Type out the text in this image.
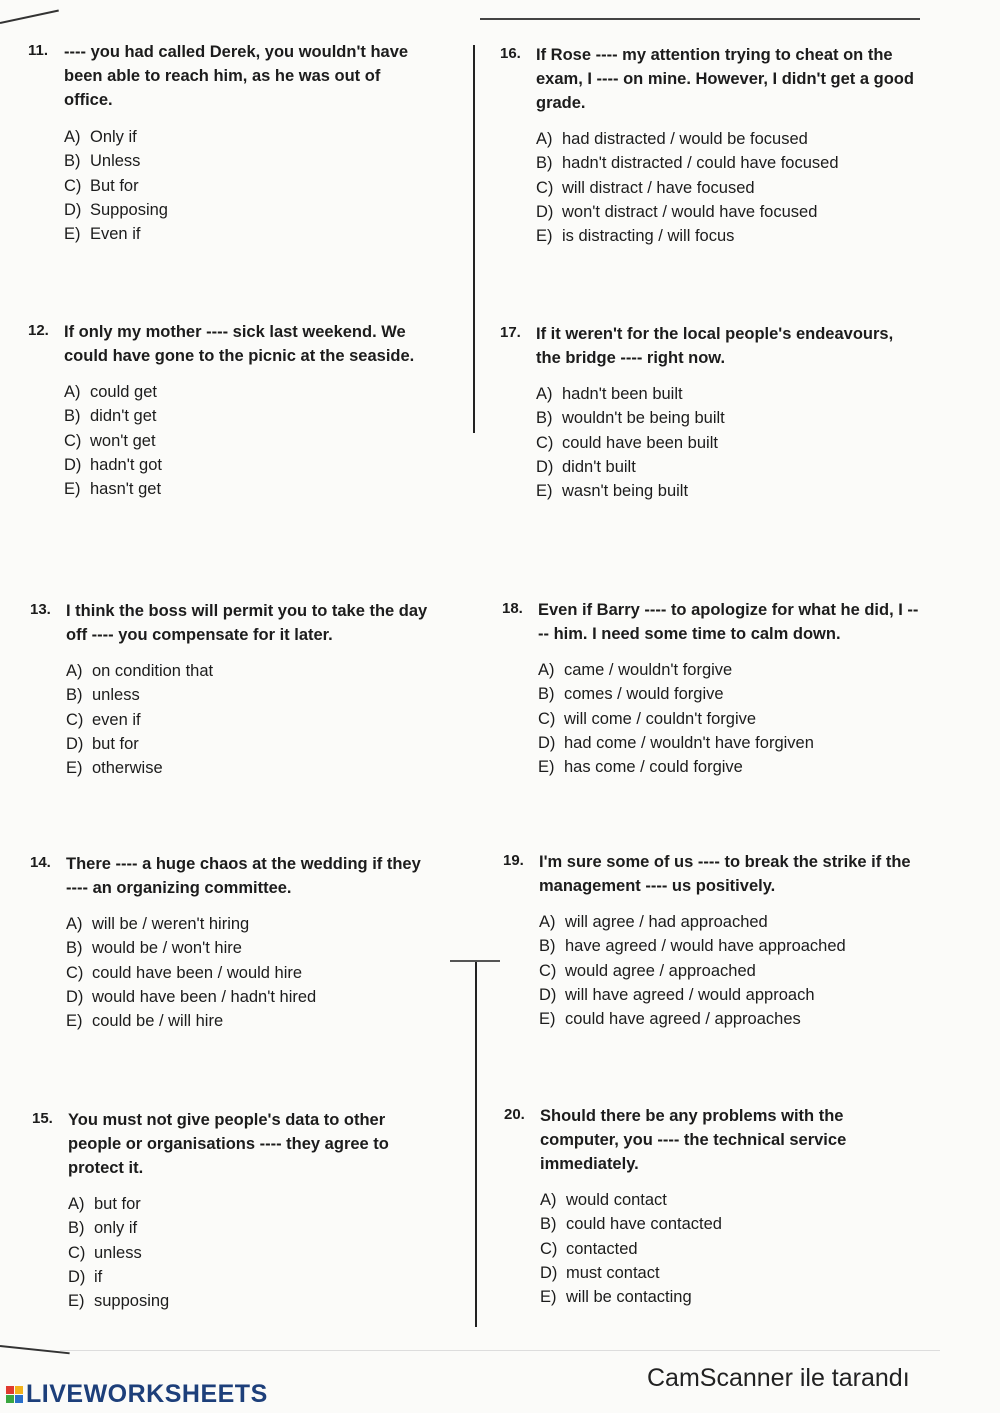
11. ---- you had called Derek, you wouldn't have been able to reach him, as he was out of office.
A) Only if
B) Unless
C) But for
D) Supposing
E) Even if
12. If only my mother ---- sick last weekend. We could have gone to the picnic at the seaside.
A) could get
B) didn't get
C) won't get
D) hadn't got
E) hasn't get
13. I think the boss will permit you to take the day off ---- you compensate for it later.
A) on condition that
B) unless
C) even if
D) but for
E) otherwise
14. There ---- a huge chaos at the wedding if they ---- an organizing committee.
A) will be / weren't hiring
B) would be / won't hire
C) could have been / would hire
D) would have been / hadn't hired
E) could be / will hire
15. You must not give people's data to other people or organisations ---- they agree to protect it.
A) but for
B) only if
C) unless
D) if
E) supposing
16. If Rose ---- my attention trying to cheat on the exam, I ---- on mine. However, I didn't get a good grade.
A) had distracted / would be focused
B) hadn't distracted / could have focused
C) will distract / have focused
D) won't distract / would have focused
E) is distracting / will focus
17. If it weren't for the local people's endeavours, the bridge ---- right now.
A) hadn't been built
B) wouldn't be being built
C) could have been built
D) didn't built
E) wasn't being built
18. Even if Barry ---- to apologize for what he did, I ---- him. I need some time to calm down.
A) came / wouldn't forgive
B) comes / would forgive
C) will come / couldn't forgive
D) had come / wouldn't have forgiven
E) has come / could forgive
19. I'm sure some of us ---- to break the strike if the management ---- us positively.
A) will agree / had approached
B) have agreed / would have approached
C) would agree / approached
D) will have agreed / would approach
E) could have agreed / approaches
20. Should there be any problems with the computer, you ---- the technical service immediately.
A) would contact
B) could have contacted
C) contacted
D) must contact
E) will be contacting
LIVEWORKSHEETS
CamScanner ile tarandı
